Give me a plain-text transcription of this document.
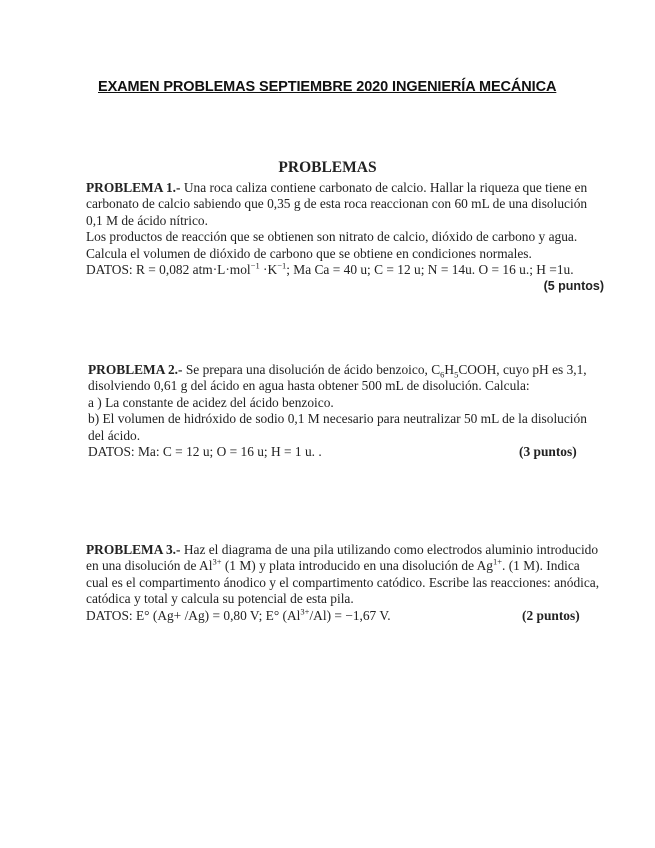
EXAMEN PROBLEMAS SEPTIEMBRE 2020 INGENIERÍA MECÁNICA
PROBLEMAS
PROBLEMA 1.- Una roca caliza contiene carbonato de calcio. Hallar la riqueza que tiene en
carbonato de calcio sabiendo que 0,35 g de esta roca reaccionan con 60 mL de una disolución
0,1 M de ácido nítrico.
Los productos de reacción que se obtienen son nitrato de calcio, dióxido de carbono y agua.
Calcula el volumen de dióxido de carbono que se obtiene en condiciones normales.
DATOS: R = 0,082 $atm\cdot L\cdot mol^{-1} \cdot K^{-1}$; Ma Ca = 40 u; C = 12 u; N = 14u. O = 16 u.; H =1u.
(5 puntos)
PROBLEMA 2.- Se prepara una disolución de ácido benzoico, $C_6H_5COOH$, cuyo pH es 3,1,
disolviendo 0,61 g del ácido en agua hasta obtener 500 mL de disolución. Calcula:
a ) La constante de acidez del ácido benzoico.
b) El volumen de hidróxido de sodio 0,1 M necesario para neutralizar 50 mL de la disolución
del ácido.
DATOS: Ma: C = 12 u; O = 16 u; H = 1 u. .	(3 puntos)
PROBLEMA 3.- Haz el diagrama de una pila utilizando como electrodos aluminio introducido
en una disolución de $Al^{3+}$ (1 M) y plata introducido en una disolución de $Ag^{1+}$. (1 M). Indica
cual es el compartimento ánodico y el compartimento catódico. Escribe las reacciones: anódica,
catódica y total y calcula su potencial de esta pila.
DATOS: E° (Ag+ /Ag) = 0,80 V; E° $(Al^{3+}/Al) = -1,67$ V.	(2 puntos)
